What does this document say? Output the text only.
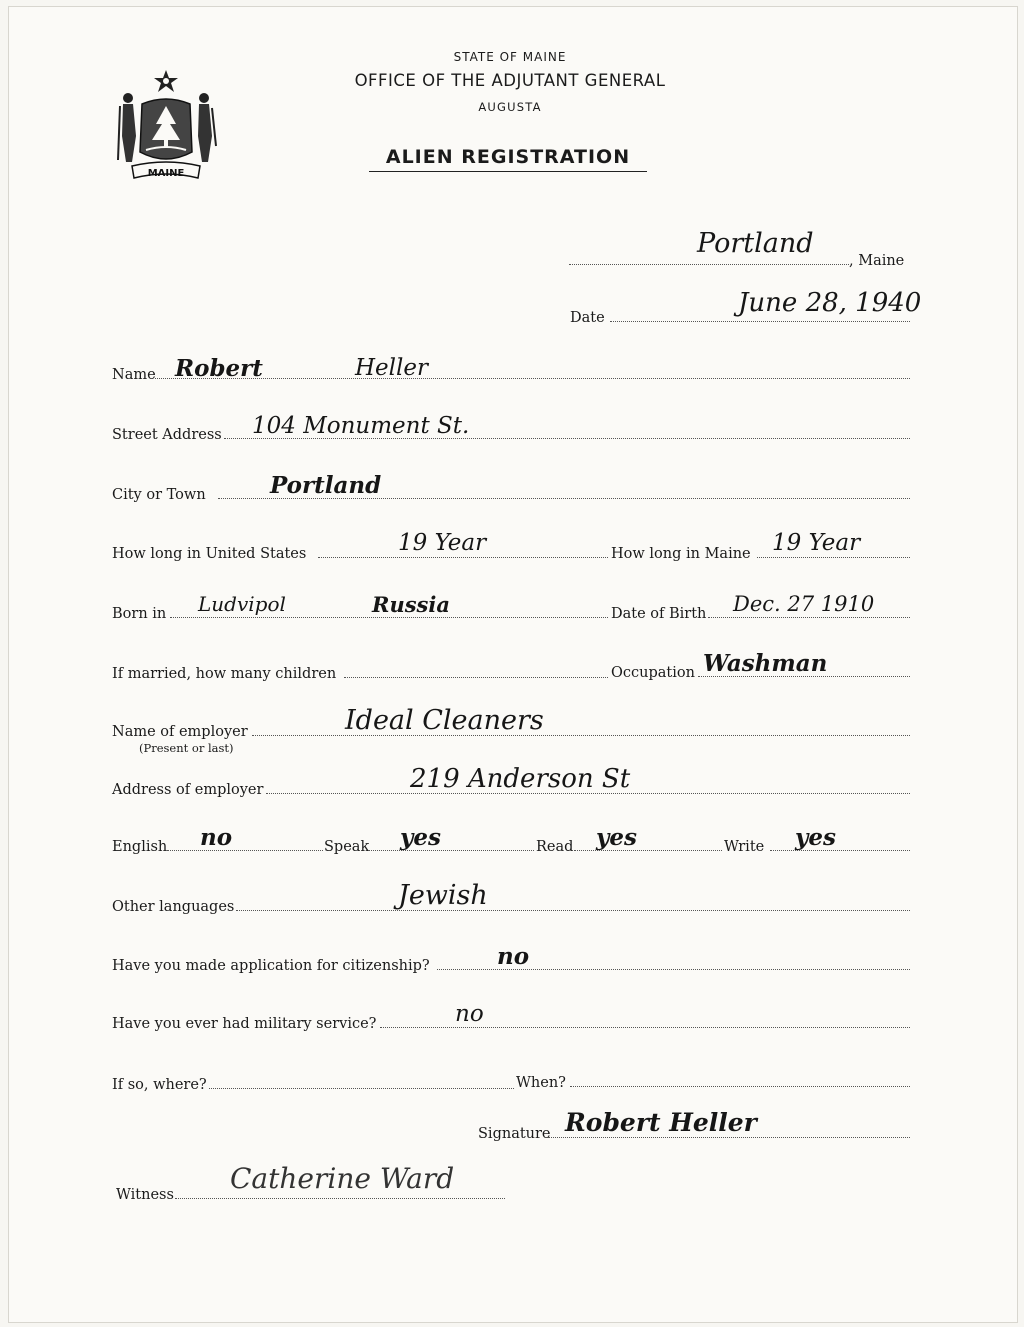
MAINE
STATE OF MAINE
OFFICE OF THE ADJUTANT GENERAL
AUGUSTA
ALIEN REGISTRATION
Portland
, Maine
Date	June 28, 1940
Name Robert	Heller
Street Address 104 Monument St.
City or Town	Portland
How long in United States	19 Year	How long in Maine 19 Year
Born in Ludvipol	Russia	Date of Birth Dec. 27 1910
If married, how many children	Occupation Washman
Name of employer
(Present or last)
Ideal Cleaners
Address of employer	219 Anderson St
English no	Speak yes	Read yes	Write yes
Other languages	Jewish
Have you made application for citizenship?	no
Have you ever had military service?	no
If so, where?	When?
Signature Robert Heller
Witness Catherine Ward
